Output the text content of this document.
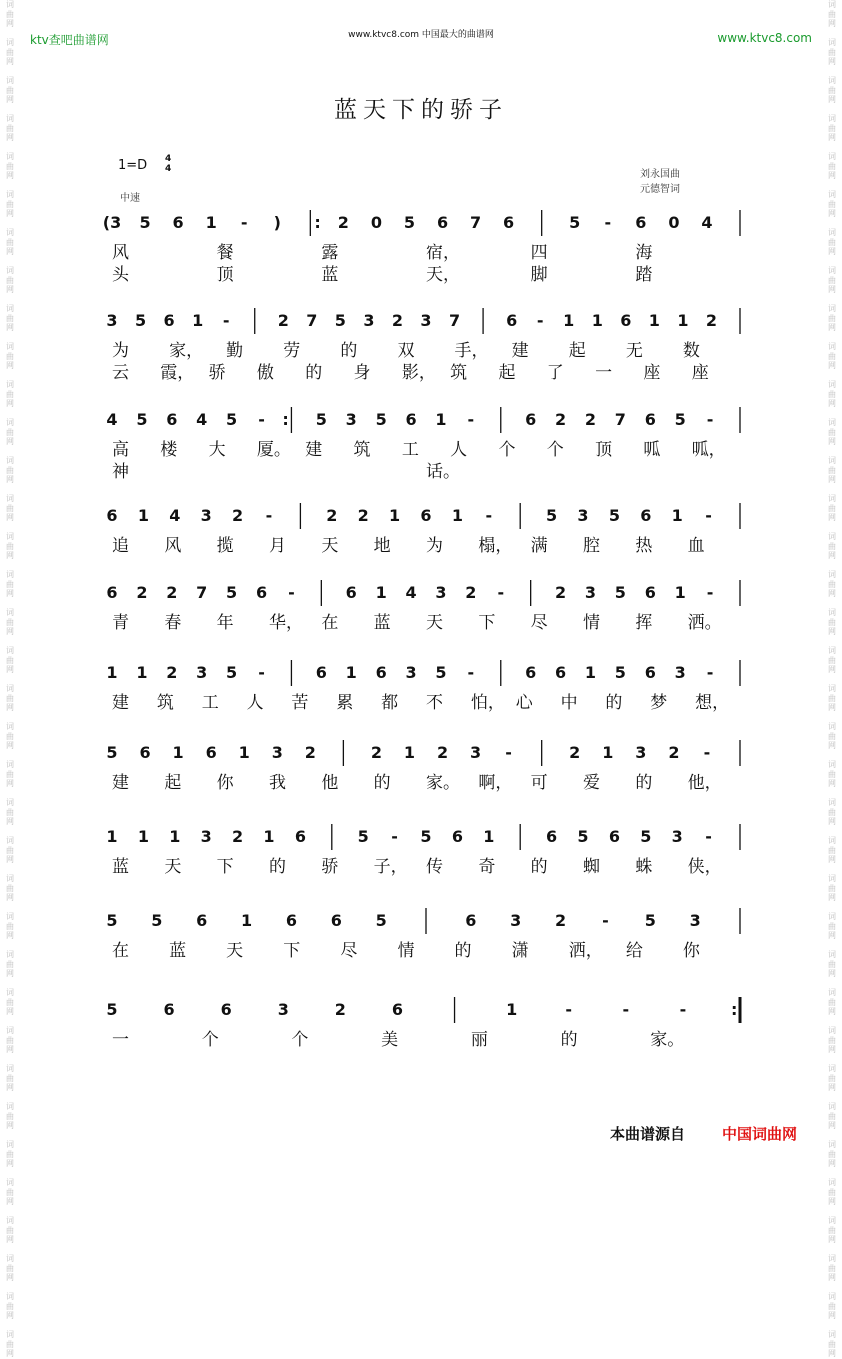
词
曲
网

词
曲
网

词
曲
网

词
曲
网

词
曲
网

词
曲
网

词
曲
网

词
曲
网

词
曲
网

词
曲
网

词
曲
网

词
曲
网

词
曲
网

词
曲
网

词
曲
网

词
曲
网

词
曲
网

词
曲
网

词
曲
网

词
曲
网

词
曲
网

词
曲
网

词
曲
网

词
曲
网

词
曲
网

词
曲
网

词
曲
网

词
曲
网

词
曲
网

词
曲
网

词
曲
网

词
曲
网

词
曲
网

词
曲
网

词
曲
网

词
曲
网

词
曲
网

词
曲
网

词
曲
网

词
曲
网

词
曲
网

词
曲
网

词
曲
网

词
曲
网

词
曲
网

词
曲
网

词
曲
网

词
曲
网

词
曲
网

词
曲
网

词
曲
网

词
曲
网

词
曲
网

词
曲
网

词
曲
网

词
曲
网

词
曲
网

词
曲
网

词
曲
网

词
曲
网

词
曲
网

词
曲
网

词
曲
网

词
曲
网

词
曲
网

词
曲
网

词
曲
网

词
曲
网

词
曲
网

词
曲
网

词
曲
网

词
曲
网

ktv查吧曲谱网	www.ktvc8.com 中国最大的曲谱网	www.ktvc8.com
蓝天下的骄子
1=D 4
4
中速
刘永国曲
元德智词
(3 5 6 1 - ) : 2 0 5 6 7 6	5 - 6 0 4
风	餐	露	宿，	四	海
头	顶	蓝	天，	脚	踏
3 5 6 1 -	2 7 5 3 2 3 7	6 - 1 1 6 1 1 2
为 家， 勤 劳 的 双 手， 建 起 无 数
云 霞， 骄 傲 的 身 影， 筑 起 了 一 座 座
4 5 6 4 5 - : 5 3 5 6 1 -	6 2 2 7 6 5 -
高 楼 大 厦。 建 筑 工 人 个 个 顶 呱 呱，
神	话。
6 1 4 3 2 -	2 2 1 6 1 -	5 3 5 6 1 -
追 风 揽 月 天 地 为 榻， 满 腔 热 血
6 2 2 7 5 6 -	6 1 4 3 2 -	2 3 5 6 1 -
青 春 年 华， 在 蓝 天 下 尽 情 挥 洒。
1 1 2 3 5 -	6 1 6 3 5 -	6 6 1 5 6 3 -
建 筑 工 人 苦 累 都 不 怕， 心 中 的 梦 想，
5 6 1 6 1 3 2	2 1 2 3 -	2 1 3 2 -
建 起 你 我 他 的 家。 啊， 可 爱 的 他，
1 1 1 3 2 1 6	5 - 5 6 1	6 5 6 5 3 -
蓝 天 下 的 骄 子， 传 奇 的 蜘 蛛 侠，
5 5 6 1 6 6 5	6 3 2 - 5 3
在 蓝 天 下 尽 情 的 潇 洒， 给 你
5	6	6	3	2	6	1	-	-	-	:
一	个	个	美	丽	的	家。
本曲谱源自 中国词曲网
